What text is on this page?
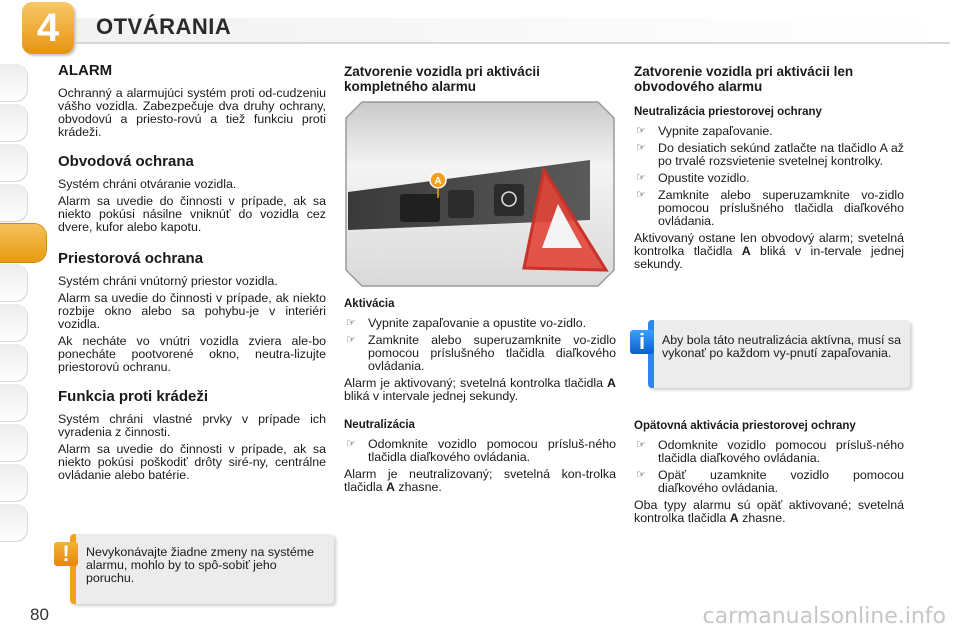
4	OTVÁRANIA
ALARM

Ochranný a alarmujúci systém proti od-cudzeniu vášho vozidla. Zabezpečuje dva druhy ochrany, obvodovú a priesto-rovú a tiež funkciu proti krádeži.

Obvodová ochrana

Systém chráni otváranie vozidla.

Alarm sa uvedie do činnosti v prípade, ak sa niekto pokúsi násilne vniknúť do vozidla cez dvere, kufor alebo kapotu.

Priestorová ochrana

Systém chráni vnútorný priestor vozidla.

Alarm sa uvedie do činnosti v prípade, ak niekto rozbije okno alebo sa pohybu-je v interiéri vozidla.

Ak necháte vo vnútri vozidla zviera ale-bo ponecháte pootvorené okno, neutra-lizujte priestorovú ochranu.

Funkcia proti krádeži

Systém chráni vlastné prvky v prípade ich vyradenia z činnosti.

Alarm sa uvedie do činnosti v prípade, ak sa niekto pokúsi poškodiť drôty siré-ny, centrálne ovládanie alebo batérie.

Nevykonávajte žiadne zmeny na systéme alarmu, mohlo by to spô-sobiť jeho poruchu.
!
Zatvorenie vozidla pri aktivácii kompletného alarmu
A
Aktivácia
☞ Vypnite zapaľovanie a opustite vo-zidlo.
☞ Zamknite alebo superuzamknite vo-zidlo pomocou príslušného tlačidla diaľkového ovládania.

Alarm je aktivovaný; svetelná kontrolka tlačidla A bliká v intervale jednej sekundy.

Neutralizácia
☞ Odomknite vozidlo pomocou prísluš-ného tlačidla diaľkového ovládania.

Alarm je neutralizovaný; svetelná kon-trolka tlačidla A zhasne.

Zatvorenie vozidla pri aktivácii len obvodového alarmu
Neutralizácia priestorovej ochrany
☞ Vypnite zapaľovanie.
☞ Do desiatich sekúnd zatlačte na tlačidlo A až po trvalé rozsvietenie svetelnej kontrolky.
☞ Opustite vozidlo.
☞ Zamknite alebo superuzamknite vo-zidlo pomocou príslušného tlačidla diaľkového ovládania.

Aktivovaný ostane len obvodový alarm; svetelná kontrolka tlačidla A bliká v in-tervale jednej sekundy.

Aby bola táto neutralizácia aktívna, musí sa vykonať po každom vy-pnutí zapaľovania.
i
Opätovná aktivácia priestorovej ochrany
☞ Odomknite vozidlo pomocou prísluš-ného tlačidla diaľkového ovládania.
☞ Opäť uzamknite vozidlo pomocou diaľkového ovládania.

Oba typy alarmu sú opäť aktivované; svetelná kontrolka tlačidla A zhasne.

80	carmanualsonline.info
